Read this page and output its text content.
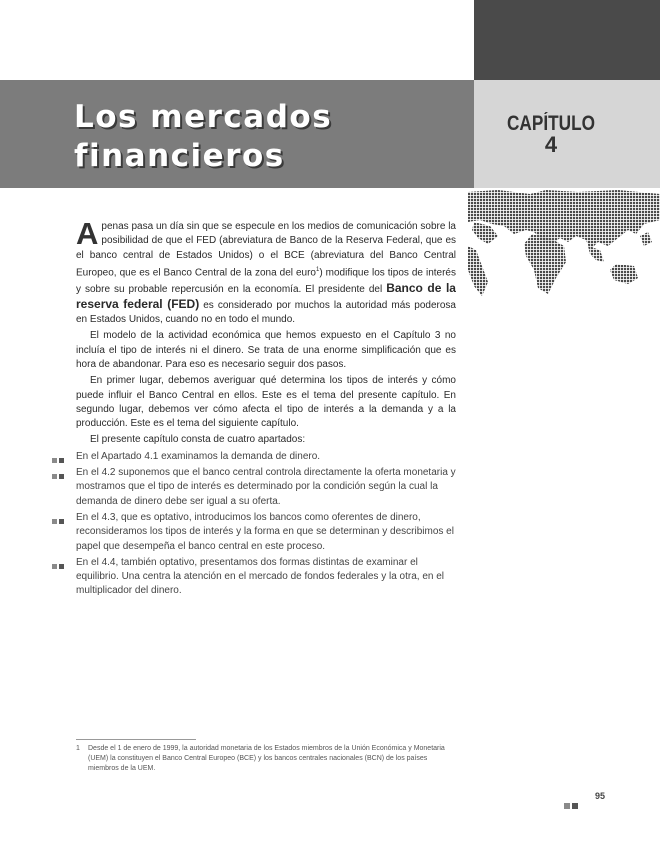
Los mercados
financieros
CAPÍTULO
4

Apenas pasa un día sin que se especule en los medios de comunicación sobre la posibilidad de que el FED (abreviatura de Banco de la Reserva Federal, que es el banco central de Estados Unidos) o el BCE (abreviatura del Banco Central Europeo, que es el Banco Central de la zona del euro$^1$) modifique los tipos de interés y sobre su probable repercusión en la economía. El presidente del Banco de la reserva federal (FED) es considerado por muchos la autoridad más poderosa en Estados Unidos, cuando no en todo el mundo.

El modelo de la actividad económica que hemos expuesto en el Capítulo 3 no incluía el tipo de interés ni el dinero. Se trata de una enorme simplificación que es hora de abandonar. Para eso es necesario seguir dos pasos.

En primer lugar, debemos averiguar qué determina los tipos de interés y cómo puede influir el Banco Central en ellos. Este es el tema del presente capítulo. En segundo lugar, debemos ver cómo afecta el tipo de interés a la demanda y a la producción. Este es el tema del siguiente capítulo.

El presente capítulo consta de cuatro apartados:

En el Apartado 4.1 examinamos la demanda de dinero.
En el 4.2 suponemos que el banco central controla directamente la oferta monetaria y mostramos que el tipo de interés es determinado por la condición según la cual la demanda de dinero debe ser igual a su oferta.
En el 4.3, que es optativo, introducimos los bancos como oferentes de dinero, reconsideramos los tipos de interés y la forma en que se determinan y describimos el papel que desempeña el banco central en este proceso.
En el 4.4, también optativo, presentamos dos formas distintas de examinar el equilibrio. Una centra la atención en el mercado de fondos federales y la otra, en el multiplicador del dinero.
1	Desde el 1 de enero de 1999, la autoridad monetaria de los Estados miembros de la Unión Económica y Monetaria (UEM) la constituyen el Banco Central Europeo (BCE) y los bancos centrales nacionales (BCN) de los países miembros de la UEM.
95
